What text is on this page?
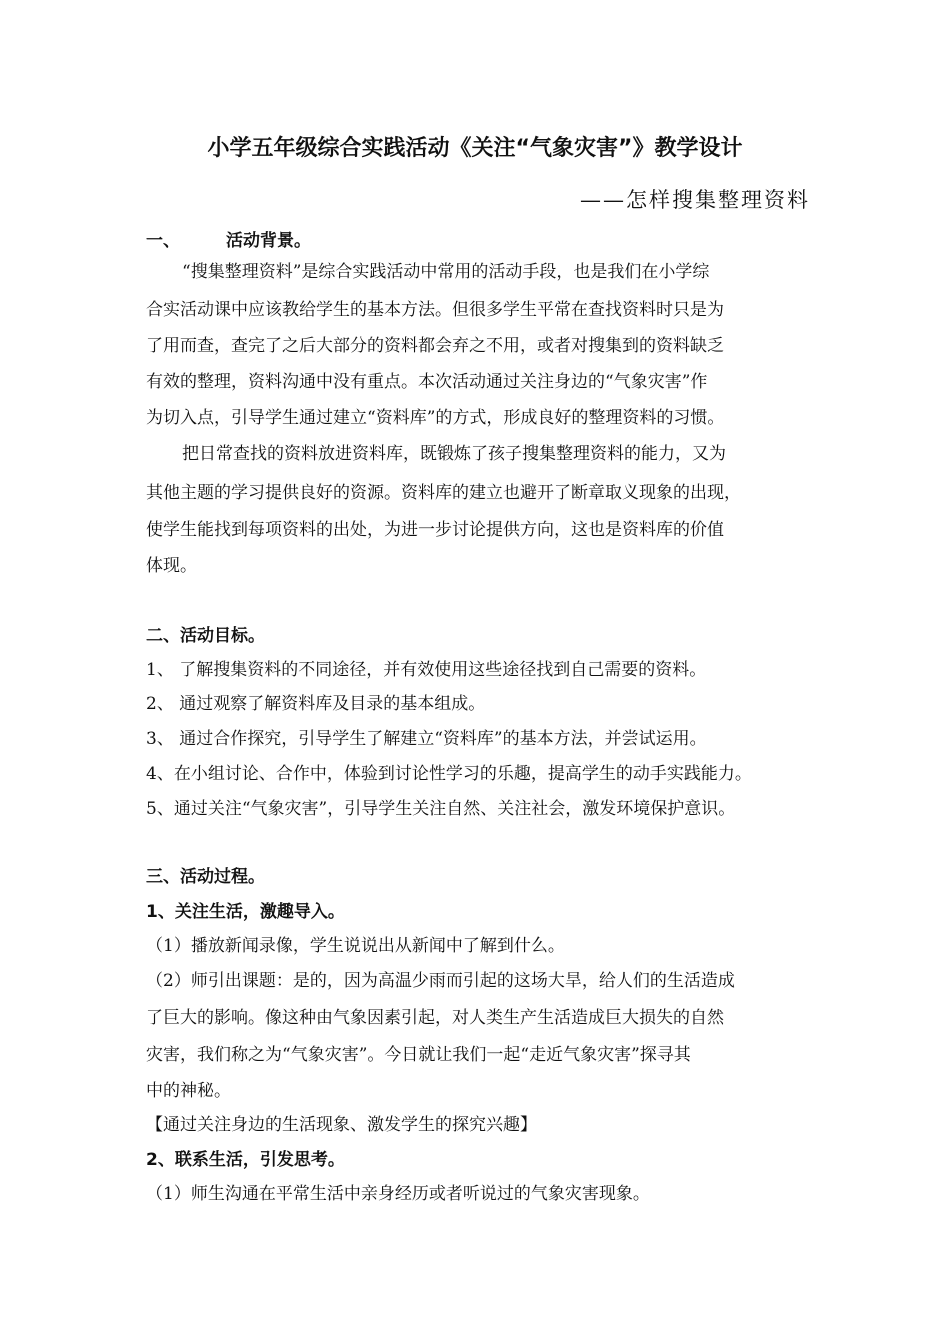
小学五年级综合实践活动《关注“气象灾害”》教学设计
——怎样搜集整理资料
一、	活动背景。
“搜集整理资料”是综合实践活动中常用的活动手段，也是我们在小学综
合实活动课中应该教给学生的基本方法。但很多学生平常在查找资料时只是为
了用而查，查完了之后大部分的资料都会弃之不用，或者对搜集到的资料缺乏
有效的整理，资料沟通中没有重点。本次活动通过关注身边的“气象灾害”作
为切入点，引导学生通过建立“资料库”的方式，形成良好的整理资料的习惯。
把日常查找的资料放进资料库，既锻炼了孩子搜集整理资料的能力，又为
其他主题的学习提供良好的资源。资料库的建立也避开了断章取义现象的出现，
使学生能找到每项资料的出处，为进一步讨论提供方向，这也是资料库的价值
体现。
二、活动目标。
1、 了解搜集资料的不同途径，并有效使用这些途径找到自己需要的资料。
2、 通过观察了解资料库及目录的基本组成。
3、 通过合作探究，引导学生了解建立“资料库”的基本方法，并尝试运用。
4、在小组讨论、合作中，体验到讨论性学习的乐趣，提高学生的动手实践能力。
5、通过关注“气象灾害”，引导学生关注自然、关注社会，激发环境保护意识。
三、活动过程。
1、关注生活，激趣导入。
（1）播放新闻录像，学生说说出从新闻中了解到什么。
（2）师引出课题：是的，因为高温少雨而引起的这场大旱，给人们的生活造成
了巨大的影响。像这种由气象因素引起，对人类生产生活造成巨大损失的自然
灾害，我们称之为“气象灾害”。今日就让我们一起“走近气象灾害”探寻其
中的神秘。
【通过关注身边的生活现象、激发学生的探究兴趣】
2、联系生活，引发思考。
（1）师生沟通在平常生活中亲身经历或者听说过的气象灾害现象。
